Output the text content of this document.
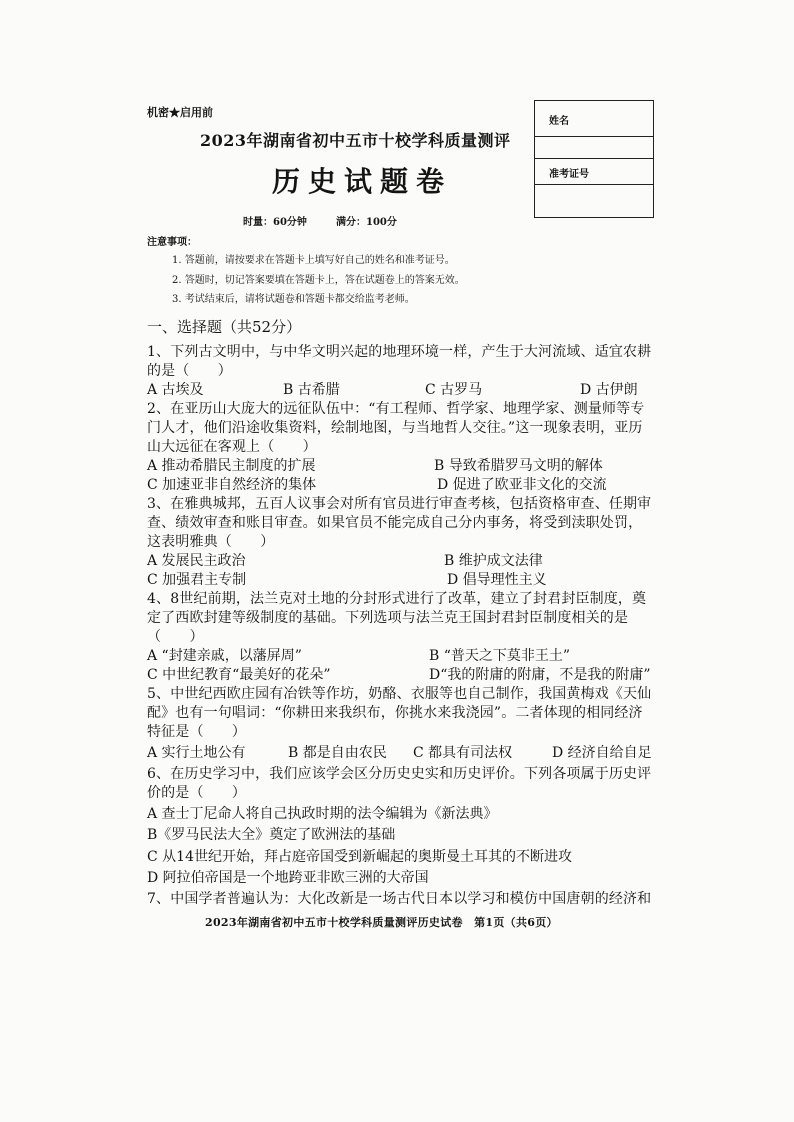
机密★启用前
2023年湖南省初中五市十校学科质量测评
历史试题卷
时量：60分钟	满分：100分
姓名
准考证号
注意事项：
1. 答题前，请按要求在答题卡上填写好自己的姓名和准考证号。
2. 答题时，切记答案要填在答题卡上，答在试题卷上的答案无效。
3. 考试结束后，请将试题卷和答题卡都交给监考老师。
一、选择题（共52分）
1、下列古文明中，与中华文明兴起的地理环境一样，产生于大河流域、适宜农耕
的是（　　）
A 古埃及	B 古希腊	C 古罗马	D 古伊朗
2、在亚历山大庞大的远征队伍中：“有工程师、哲学家、地理学家、测量师等专
门人才，他们沿途收集资料，绘制地图，与当地哲人交往。”这一现象表明，亚历
山大远征在客观上（　　）
A 推动希腊民主制度的扩展	B 导致希腊罗马文明的解体
C 加速亚非自然经济的集体	D 促进了欧亚非文化的交流
3、在雅典城邦，五百人议事会对所有官员进行审查考核，包括资格审查、任期审
查、绩效审查和账目审查。如果官员不能完成自己分内事务，将受到渎职处罚，
这表明雅典（　　）
A 发展民主政治	B 维护成文法律
C 加强君主专制	D 倡导理性主义
4、8世纪前期，法兰克对土地的分封形式进行了改革，建立了封君封臣制度，奠
定了西欧封建等级制度的基础。下列选项与法兰克王国封君封臣制度相关的是
（　　）
A “封建亲戚，以藩屏周”	B “普天之下莫非王土”
C 中世纪教育“最美好的花朵”	D“我的附庸的附庸，不是我的附庸”
5、中世纪西欧庄园有冶铁等作坊，奶酪、衣服等也自己制作，我国黄梅戏《天仙
配》也有一句唱词：“你耕田来我织布，你挑水来我浇园”。二者体现的相同经济
特征是（　　）
A 实行土地公有	B 都是自由农民 C 都具有司法权	D 经济自给自足
6、在历史学习中，我们应该学会区分历史史实和历史评价。下列各项属于历史评
价的是（　　）
A 查士丁尼命人将自己执政时期的法令编辑为《新法典》
B《罗马民法大全》奠定了欧洲法的基础
C 从14世纪开始，拜占庭帝国受到新崛起的奥斯曼土耳其的不断进攻
D 阿拉伯帝国是一个地跨亚非欧三洲的大帝国
7、中国学者普遍认为：大化改新是一场古代日本以学习和模仿中国唐朝的经济和
2023年湖南省初中五市十校学科质量测评历史试卷　第1页（共6页）
